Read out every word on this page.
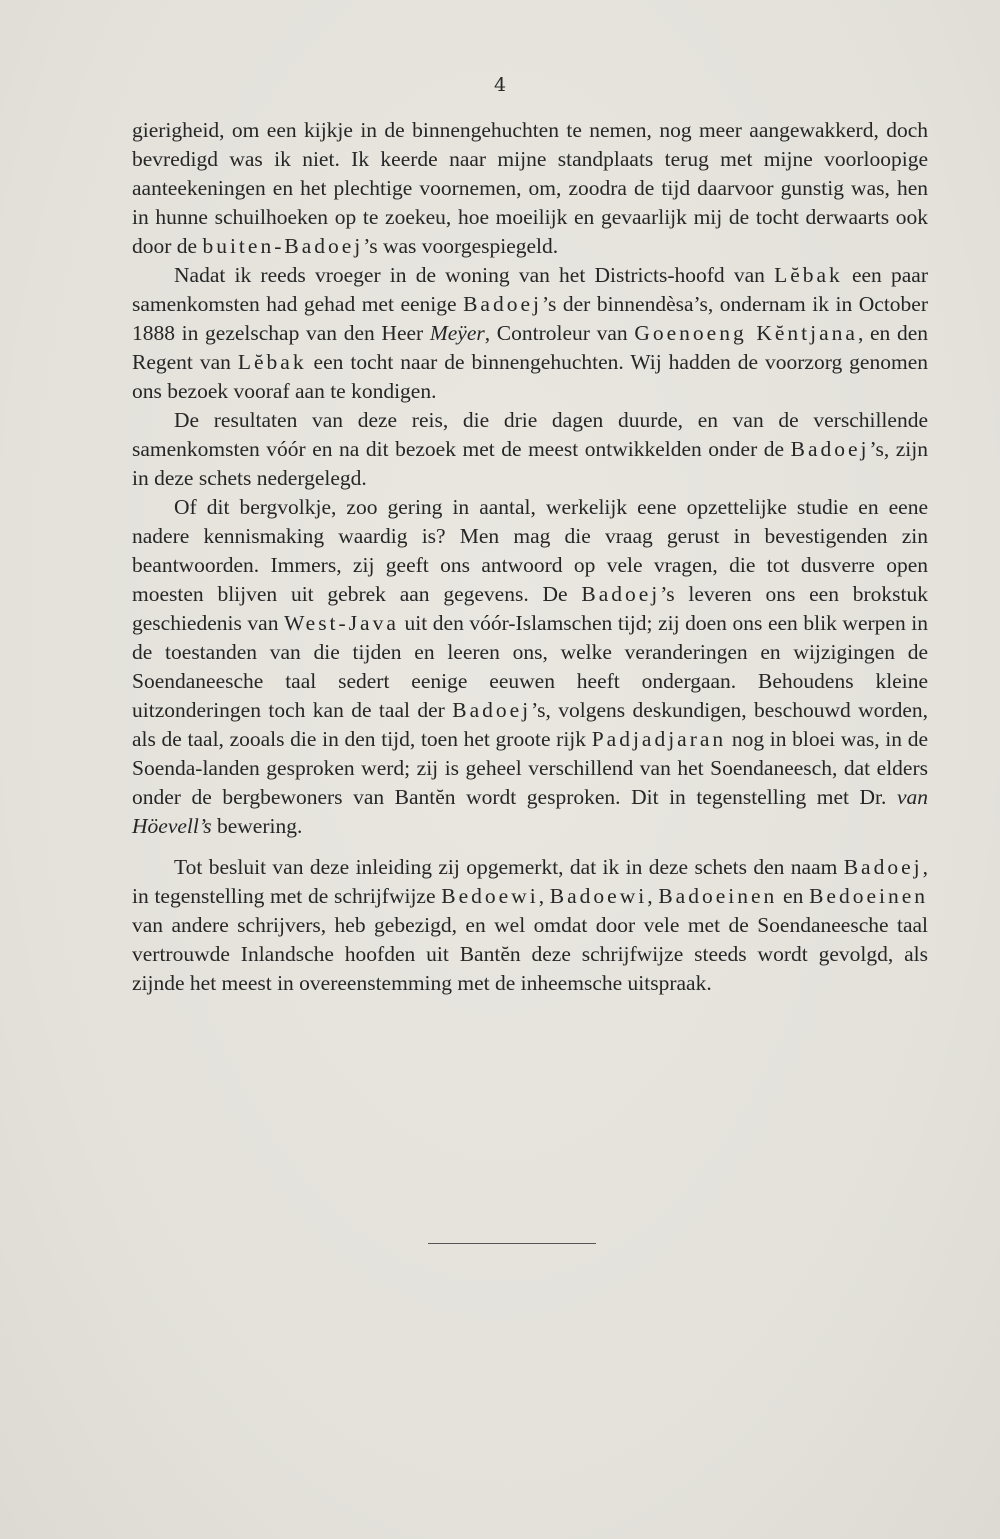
4

gierigheid, om een kijkje in de binnengehuchten te nemen, nog meer aangewakkerd, doch bevredigd was ik niet. Ik keerde naar mijne standplaats terug met mijne voorloopige aanteekeningen en het plechtige voornemen, om, zoodra de tijd daarvoor gunstig was, hen in hunne schuilhoeken op te zoekeu, hoe moeilijk en gevaarlijk mij de tocht derwaarts ook door de buiten-Badoej’s was voorgespiegeld.

Nadat ik reeds vroeger in de woning van het Districts-hoofd van Lĕbak een paar samenkomsten had gehad met eenige Badoej’s der binnendèsa’s, ondernam ik in October 1888 in gezelschap van den Heer Meÿer, Controleur van Goenoeng Kĕntjana, en den Regent van Lĕbak een tocht naar de binnengehuchten. Wij hadden de voorzorg genomen ons bezoek vooraf aan te kondigen.

De resultaten van deze reis, die drie dagen duurde, en van de verschillende samenkomsten vóór en na dit bezoek met de meest ontwikkelden onder de Badoej’s, zijn in deze schets nedergelegd.

Of dit bergvolkje, zoo gering in aantal, werkelijk eene opzettelijke studie en eene nadere kennismaking waardig is? Men mag die vraag gerust in bevestigenden zin beantwoorden. Immers, zij geeft ons antwoord op vele vragen, die tot dusverre open moesten blijven uit gebrek aan gegevens. De Badoej’s leveren ons een brokstuk geschiedenis van West-Java uit den vóór-Islamschen tijd; zij doen ons een blik werpen in de toestanden van die tijden en leeren ons, welke veranderingen en wijzigingen de Soendaneesche taal sedert eenige eeuwen heeft ondergaan. Behoudens kleine uitzonderingen toch kan de taal der Badoej’s, volgens deskundigen, beschouwd worden, als de taal, zooals die in den tijd, toen het groote rijk Padjadjaran nog in bloei was, in de Soenda-landen gesproken werd; zij is geheel verschillend van het Soendaneesch, dat elders onder de bergbewoners van Bantĕn wordt gesproken. Dit in tegenstelling met Dr. van Höevell’s bewering.

Tot besluit van deze inleiding zij opgemerkt, dat ik in deze schets den naam Badoej, in tegenstelling met de schrijfwijze Bedoewi, Badoewi, Badoeinen en Bedoeinen van andere schrijvers, heb gebezigd, en wel omdat door vele met de Soendaneesche taal vertrouwde Inlandsche hoofden uit Bantĕn deze schrijfwijze steeds wordt gevolgd, als zijnde het meest in overeenstemming met de inheemsche uitspraak.
